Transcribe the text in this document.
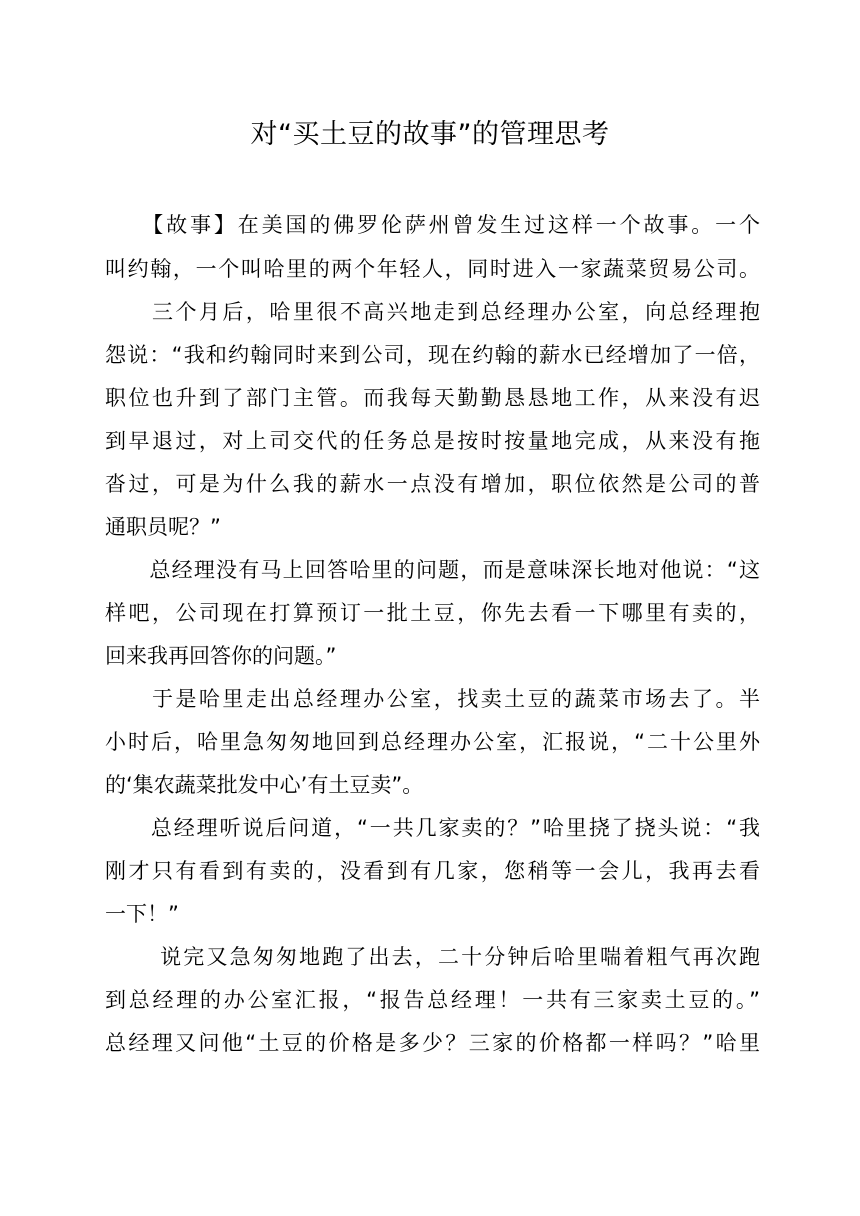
对“买土豆的故事”的管理思考
　　【故事】在美国的佛罗伦萨州曾发生过这样一个故事。一个
叫约翰，一个叫哈里的两个年轻人，同时进入一家蔬菜贸易公司。
　　三个月后，哈里很不高兴地走到总经理办公室，向总经理抱
怨说：“我和约翰同时来到公司，现在约翰的薪水已经增加了一倍，
职位也升到了部门主管。而我每天勤勤恳恳地工作，从来没有迟
到早退过，对上司交代的任务总是按时按量地完成，从来没有拖
沓过，可是为什么我的薪水一点没有增加，职位依然是公司的普
通职员呢？”
　　总经理没有马上回答哈里的问题，而是意味深长地对他说：“这
样吧，公司现在打算预订一批土豆，你先去看一下哪里有卖的，
回来我再回答你的问题。”
　　于是哈里走出总经理办公室，找卖土豆的蔬菜市场去了。半
小时后，哈里急匆匆地回到总经理办公室，汇报说，“二十公里外
的‘集农蔬菜批发中心’有土豆卖”。
　　总经理听说后问道，“一共几家卖的？”哈里挠了挠头说：“我
刚才只有看到有卖的，没看到有几家，您稍等一会儿，我再去看
一下！”
　　 说完又急匆匆地跑了出去，二十分钟后哈里喘着粗气再次跑
到总经理的办公室汇报，“报告总经理！一共有三家卖土豆的。”
总经理又问他“土豆的价格是多少？三家的价格都一样吗？”哈里
